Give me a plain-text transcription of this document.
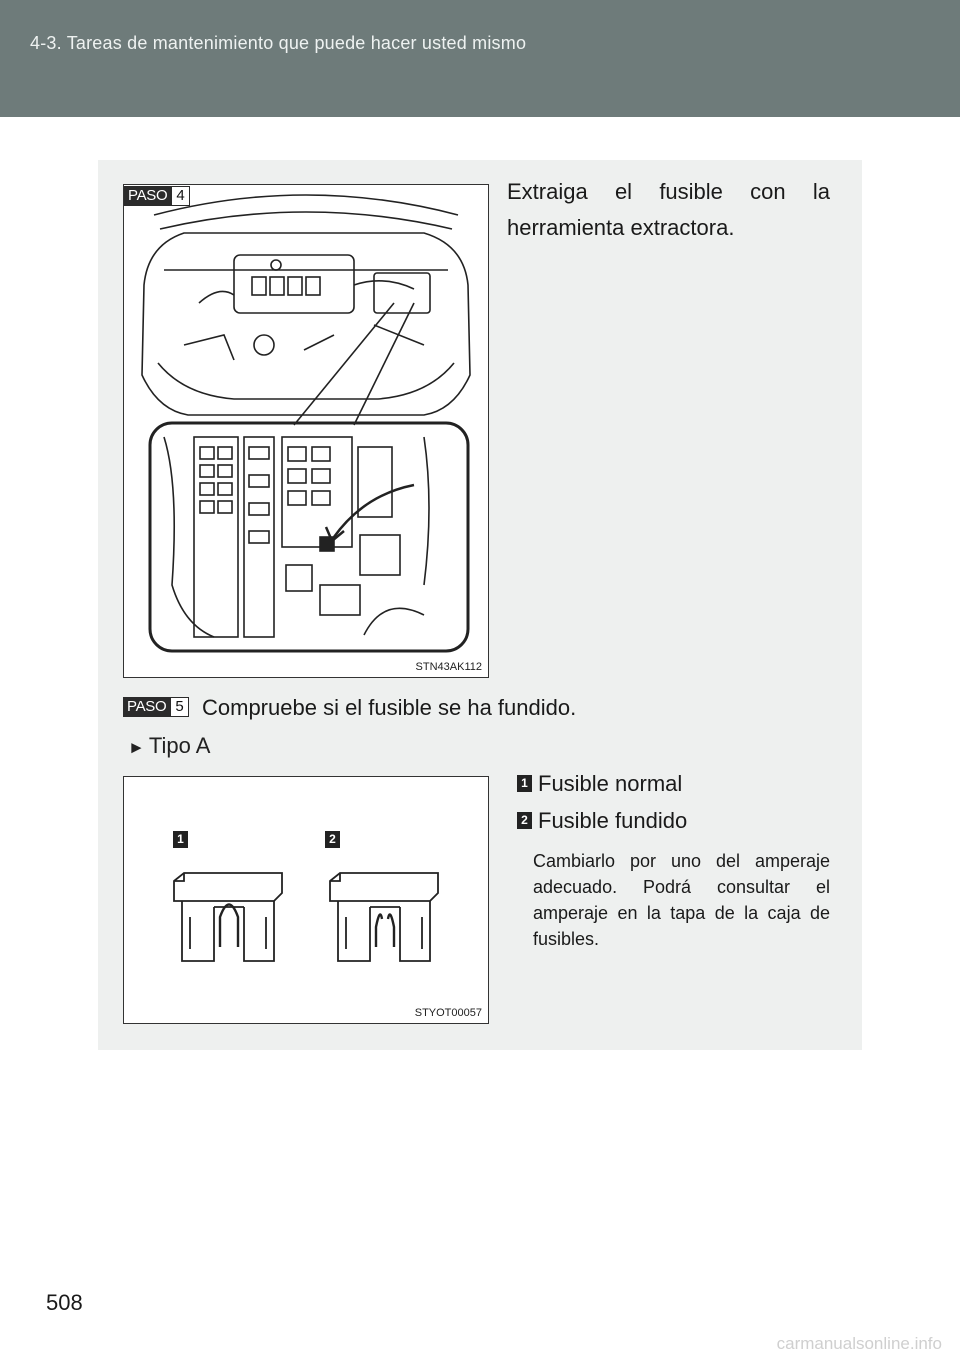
4-3. Tareas de mantenimiento que puede hacer usted mismo
STN43AK112
PASO 4	Extraiga el fusible con la herramienta extractora.
PASO 5 Compruebe si el fusible se ha fundido.
► Tipo A
1 Fusible normal
2 Fusible fundido
Cambiarlo por uno del amperaje adecuado. Podrá consultar el amperaje en la tapa de la caja de fusibles.
1	2
STYOT00057
508
carmanualsonline.info
